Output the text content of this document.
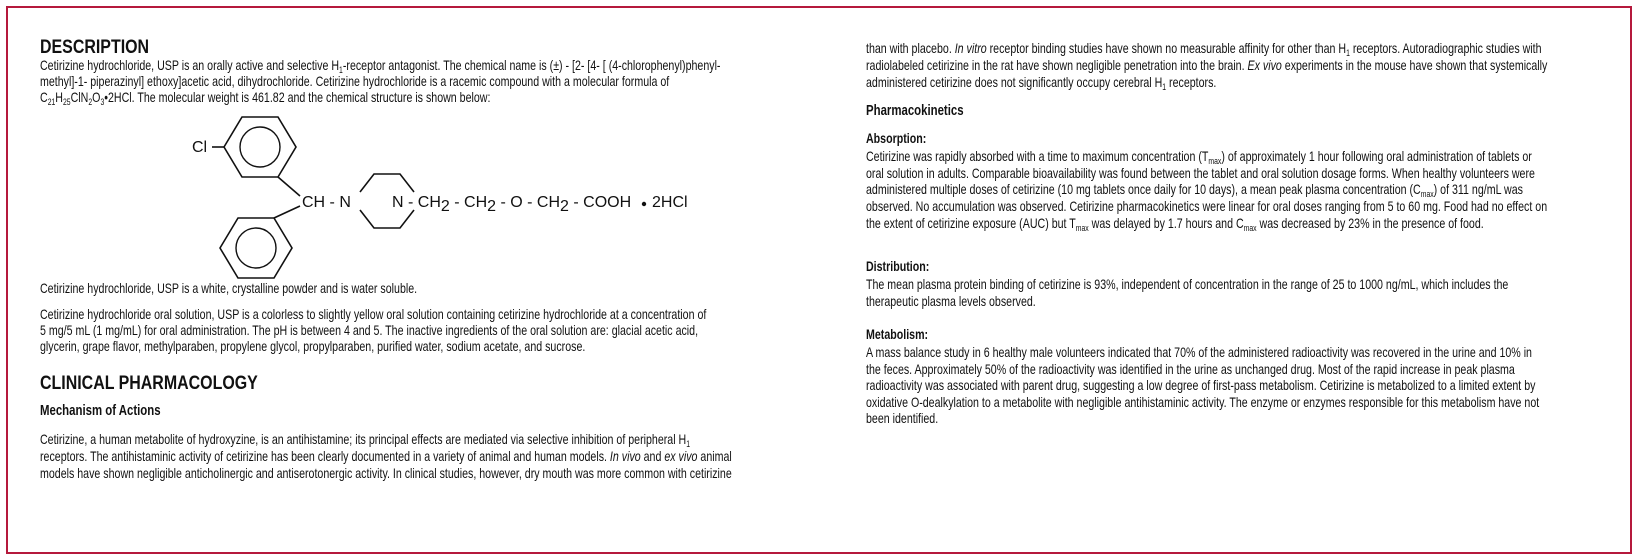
DESCRIPTION
Cetirizine hydrochloride, USP is an orally active and selective $H_1$-receptor antagonist. The chemical name is (±) - [2- [4- [ (4-chlorophenyl)phenyl-
methyl]-1- piperazinyl] ethoxy]acetic acid, dihydrochloride. Cetirizine hydrochloride is a racemic compound with a molecular formula of
$C_{21}H_{25}ClN_2O_3•2HCl$. The molecular weight is 461.82 and the chemical structure is shown below:
Cl
CH - N	N - CH2 - CH2 - O - CH2 - COOH 2HCl
Cetirizine hydrochloride, USP is a white, crystalline powder and is water soluble.
Cetirizine hydrochloride oral solution, USP is a colorless to slightly yellow oral solution containing cetirizine hydrochloride at a concentration of
5 mg/5 mL (1 mg/mL) for oral administration. The pH is between 4 and 5. The inactive ingredients of the oral solution are: glacial acetic acid,
glycerin, grape flavor, methylparaben, propylene glycol, propylparaben, purified water, sodium acetate, and sucrose.
CLINICAL PHARMACOLOGY
Mechanism of Actions
Cetirizine, a human metabolite of hydroxyzine, is an antihistamine; its principal effects are mediated via selective inhibition of peripheral $H_1$
receptors. The antihistaminic activity of cetirizine has been clearly documented in a variety of animal and human models. In vivo and ex vivo animal
models have shown negligible anticholinergic and antiserotonergic activity. In clinical studies, however, dry mouth was more common with cetirizine
than with placebo. In vitro receptor binding studies have shown no measurable affinity for other than $H_1$ receptors. Autoradiographic studies with
radiolabeled cetirizine in the rat have shown negligible penetration into the brain. Ex vivo experiments in the mouse have shown that systemically
administered cetirizine does not significantly occupy cerebral $H_1$ receptors.
Pharmacokinetics
Absorption:
Cetirizine was rapidly absorbed with a time to maximum concentration $(T_{max})$ of approximately 1 hour following oral administration of tablets or
oral solution in adults. Comparable bioavailability was found between the tablet and oral solution dosage forms. When healthy volunteers were
administered multiple doses of cetirizine (10 mg tablets once daily for 10 days), a mean peak plasma concentration $(C_{max})$ of 311 ng/mL was
observed. No accumulation was observed. Cetirizine pharmacokinetics were linear for oral doses ranging from 5 to 60 mg. Food had no effect on
the extent of cetirizine exposure (AUC) but $T_{max}$ was delayed by 1.7 hours and $C_{max}$ was decreased by 23% in the presence of food.
Distribution:
The mean plasma protein binding of cetirizine is 93%, independent of concentration in the range of 25 to 1000 ng/mL, which includes the
therapeutic plasma levels observed.
Metabolism:
A mass balance study in 6 healthy male volunteers indicated that 70% of the administered radioactivity was recovered in the urine and 10% in
the feces. Approximately 50% of the radioactivity was identified in the urine as unchanged drug. Most of the rapid increase in peak plasma
radioactivity was associated with parent drug, suggesting a low degree of first-pass metabolism. Cetirizine is metabolized to a limited extent by
oxidative O-dealkylation to a metabolite with negligible antihistaminic activity. The enzyme or enzymes responsible for this metabolism have not
been identified.
